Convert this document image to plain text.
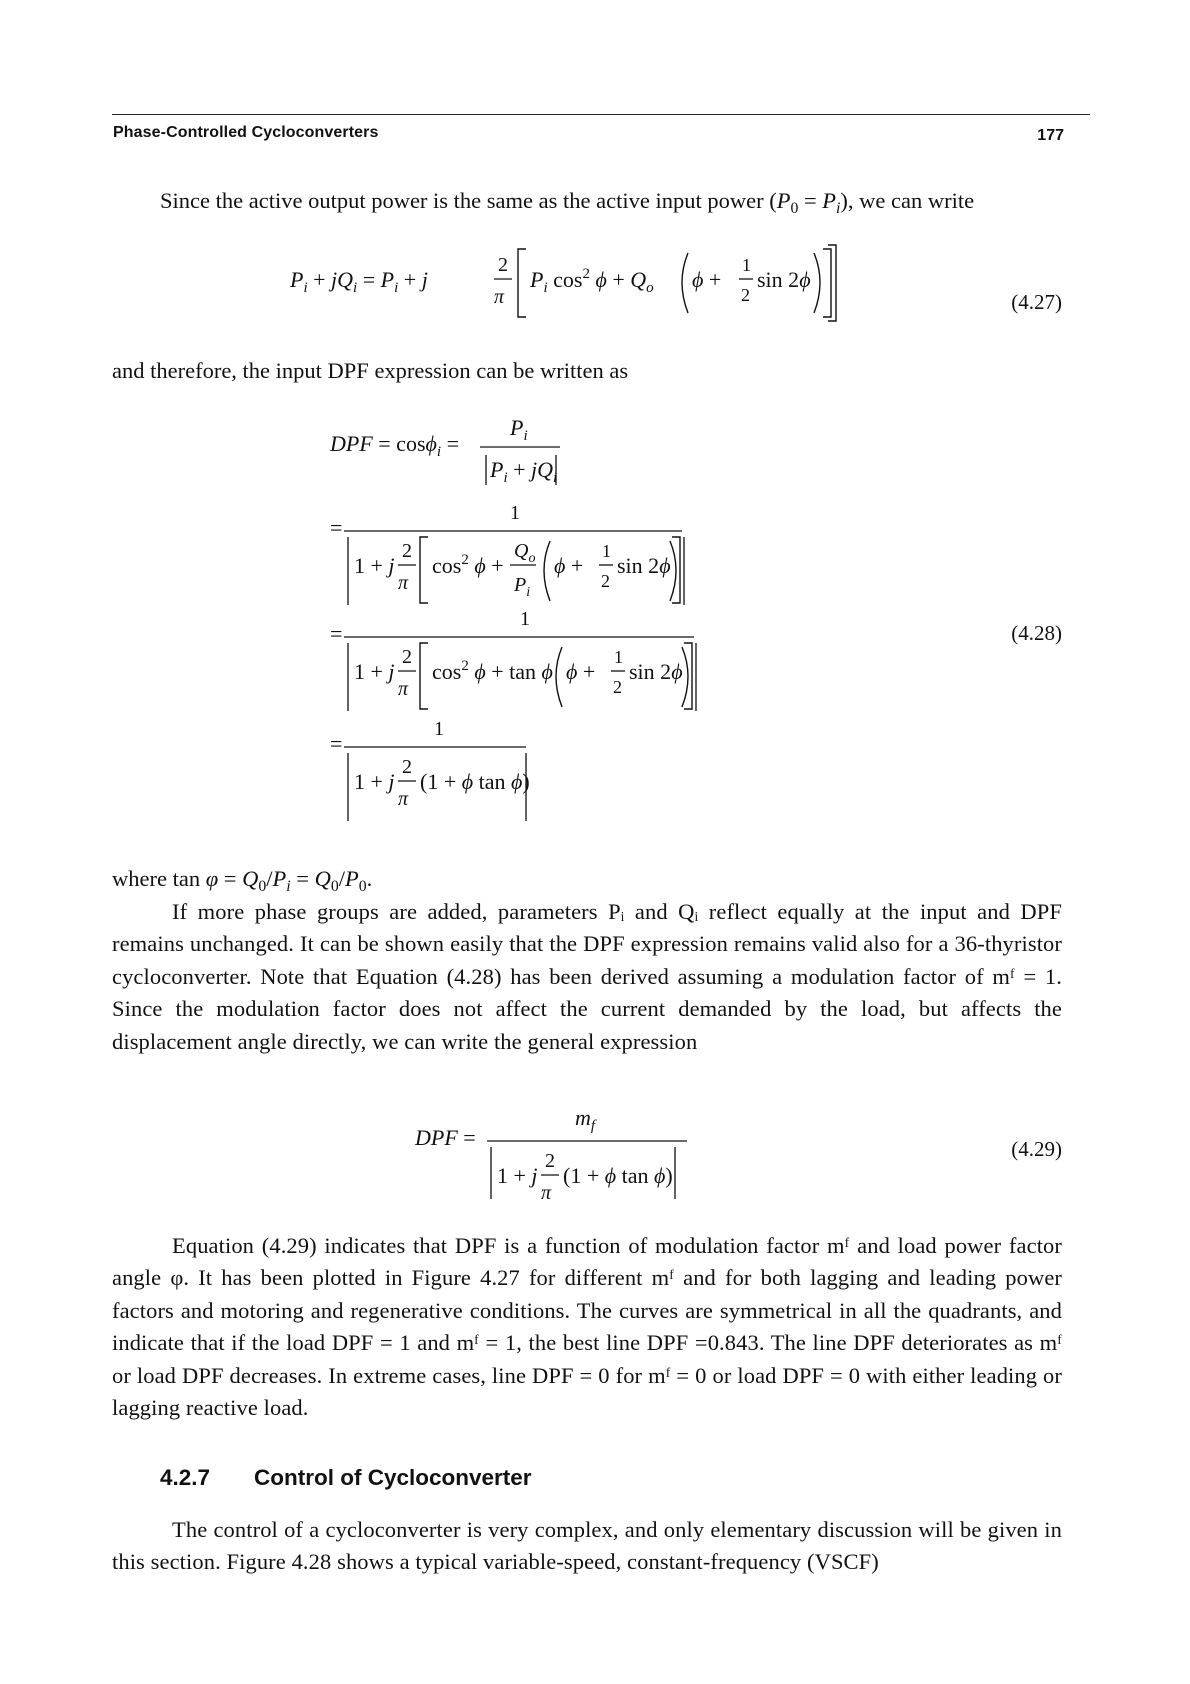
Phase-Controlled Cycloconverters	177
Since the active output power is the same as the active input power $(P_0 = P_i)$, we can write
$P_i + jQ_i = P_i + j$
2
π
$P_i$ $\cos^2 \phi + Q_o$ ϕ +
1
2
sin 2ϕ
(4.27)
and therefore, the input DPF expression can be written as
DPF = cosϕ$_i$ =
$P_i$
$P_i + jQ_i$
=
1
1 + j
2
π
$\cos^2 \phi$ +
$Q_o$
$P_i$
ϕ +
1
2
sin 2ϕ
=
1
1 + j
2
π
$\cos^2 \phi + \tan \phi$ ϕ +
1
2
sin 2ϕ
=
1
1 + j
2
π
(1 + ϕ tan ϕ)
(4.28)
where $\tan \varphi = Q_0/P_i = Q_0/P_0$.
If more phase groups are added, parameters Pᵢ and Qᵢ reflect equally at the input and DPF remains unchanged. It can be shown easily that the DPF expression remains valid also for a 36-thyristor cycloconverter. Note that Equation (4.28) has been derived assuming a modulation factor of mᶠ = 1. Since the modulation factor does not affect the current demanded by the load, but affects the displacement angle directly, we can write the general expression
DPF =
$m_f$
1 + j
2
π
(1 + ϕ tan ϕ)
(4.29)
Equation (4.29) indicates that DPF is a function of modulation factor mᶠ and load power factor angle φ. It has been plotted in Figure 4.27 for different mᶠ and for both lagging and leading power factors and motoring and regenerative conditions. The curves are symmetrical in all the quadrants, and indicate that if the load DPF = 1 and mᶠ = 1, the best line DPF =0.843. The line DPF deteriorates as mᶠ or load DPF decreases. In extreme cases, line DPF = 0 for mᶠ = 0 or load DPF = 0 with either leading or lagging reactive load.
4.2.7 Control of Cycloconverter
The control of a cycloconverter is very complex, and only elementary discussion will be given in this section. Figure 4.28 shows a typical variable-speed, constant-frequency (VSCF)
